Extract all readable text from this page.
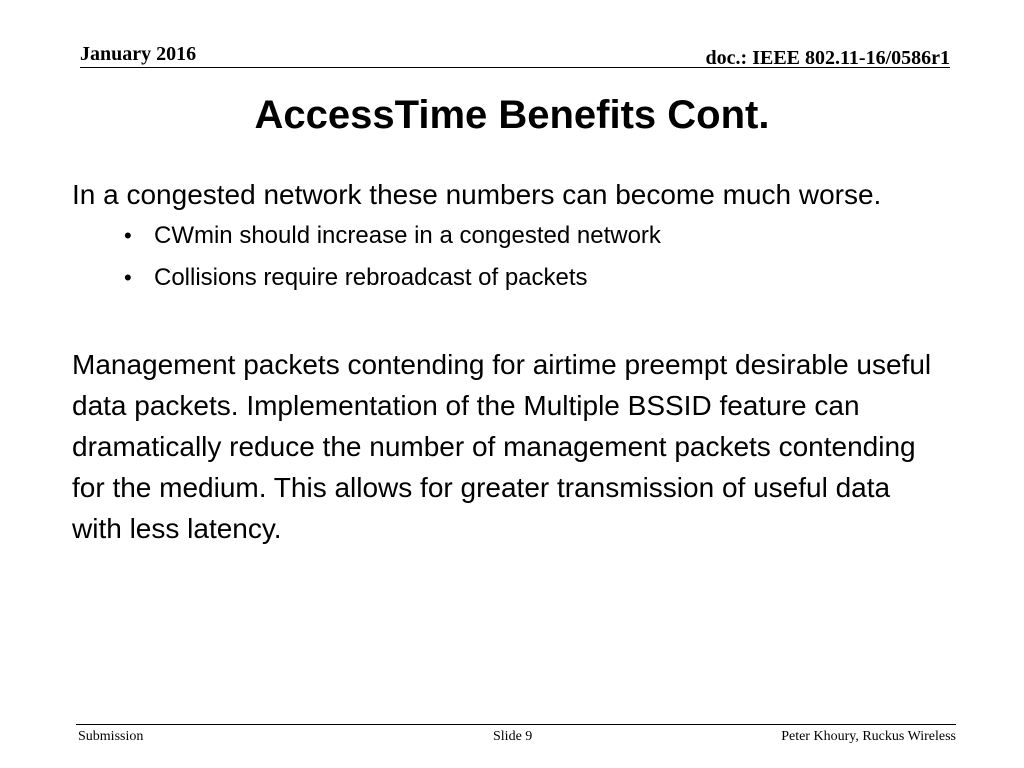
January 2016	doc.: IEEE 802.11-16/0586r1
AccessTime Benefits Cont.

In a congested network these numbers can become much worse.

• CWmin should increase in a congested network
• Collisions require rebroadcast of packets

Management packets contending for airtime preempt desirable useful data packets. Implementation of the Multiple BSSID feature can dramatically reduce the number of management packets contending for the medium. This allows for greater transmission of useful data with less latency.

Submission	Slide 9	Peter Khoury, Ruckus Wireless
